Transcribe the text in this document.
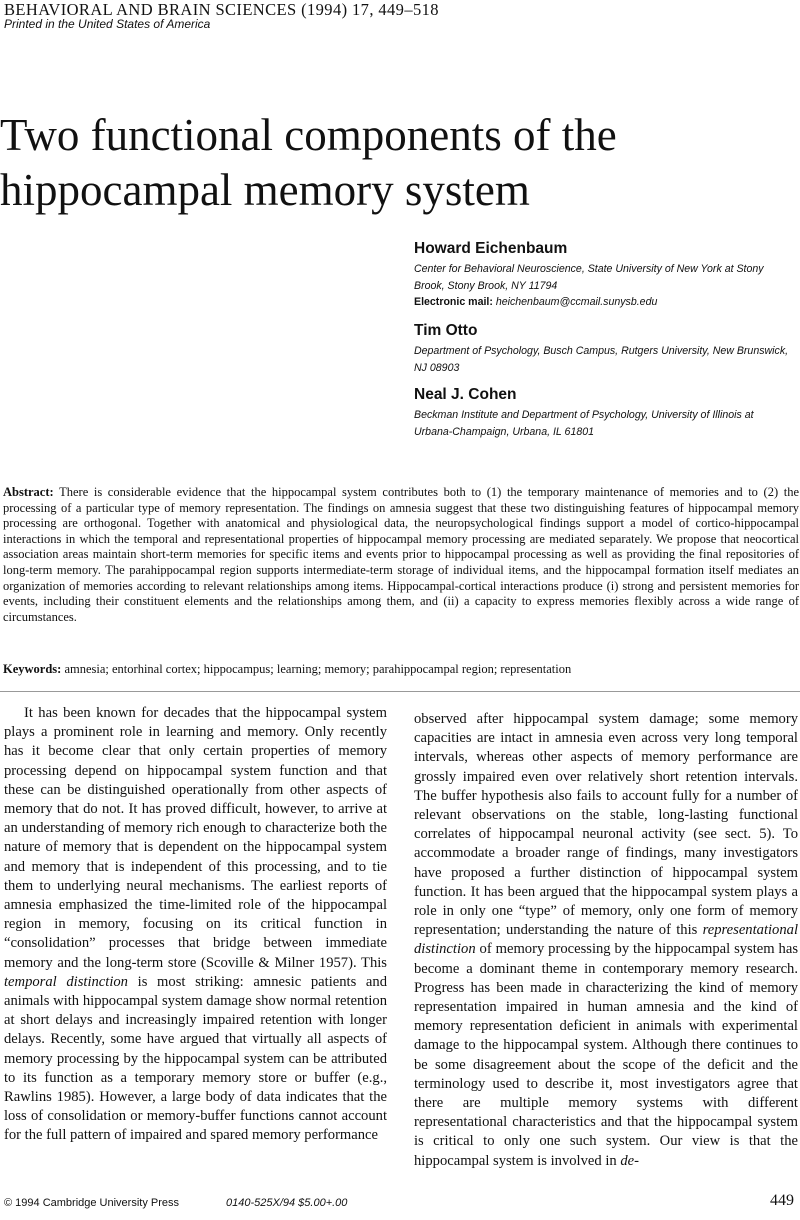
BEHAVIORAL AND BRAIN SCIENCES (1994) 17, 449–518
Printed in the United States of America
Two functional components of the hippocampal memory system
Howard Eichenbaum
Center for Behavioral Neuroscience, State University of New York at Stony Brook, Stony Brook, NY 11794
Electronic mail: heichenbaum@ccmail.sunysb.edu
Tim Otto
Department of Psychology, Busch Campus, Rutgers University, New Brunswick, NJ 08903
Neal J. Cohen
Beckman Institute and Department of Psychology, University of Illinois at Urbana-Champaign, Urbana, IL 61801

Abstract: There is considerable evidence that the hippocampal system contributes both to (1) the temporary maintenance of memories and to (2) the processing of a particular type of memory representation. The findings on amnesia suggest that these two distinguishing features of hippocampal memory processing are orthogonal. Together with anatomical and physiological data, the neuropsychological findings support a model of cortico-hippocampal interactions in which the temporal and representational properties of hippocampal memory processing are mediated separately. We propose that neocortical association areas maintain short-term memories for specific items and events prior to hippocampal processing as well as providing the final repositories of long-term memory. The parahippocampal region supports intermediate-term storage of individual items, and the hippocampal formation itself mediates an organization of memories according to relevant relationships among items. Hippocampal-cortical interactions produce (i) strong and persistent memories for events, including their constituent elements and the relationships among them, and (ii) a capacity to express memories flexibly across a wide range of circumstances.

Keywords: amnesia; entorhinal cortex; hippocampus; learning; memory; parahippocampal region; representation

It has been known for decades that the hippocampal system plays a prominent role in learning and memory. Only recently has it become clear that only certain properties of memory processing depend on hippocampal system function and that these can be distinguished operationally from other aspects of memory that do not. It has proved difficult, however, to arrive at an understanding of memory rich enough to characterize both the nature of memory that is dependent on the hippocampal system and memory that is independent of this processing, and to tie them to underlying neural mechanisms. The earliest reports of amnesia emphasized the time-limited role of the hippocampal region in memory, focusing on its critical function in “consolidation” processes that bridge between immediate memory and the long-term store (Scoville & Milner 1957). This temporal distinction is most striking: amnesic patients and animals with hippocampal system damage show normal retention at short delays and increasingly impaired retention with longer delays. Recently, some have argued that virtually all aspects of memory processing by the hippocampal system can be attributed to its function as a temporary memory store or buffer (e.g., Rawlins 1985). However, a large body of data indicates that the loss of consolidation or memory-buffer functions cannot account for the full pattern of impaired and spared memory performance

observed after hippocampal system damage; some memory capacities are intact in amnesia even across very long temporal intervals, whereas other aspects of memory performance are grossly impaired even over relatively short retention intervals. The buffer hypothesis also fails to account fully for a number of relevant observations on the stable, long-lasting functional correlates of hippocampal neuronal activity (see sect. 5). To accommodate a broader range of findings, many investigators have proposed a further distinction of hippocampal system function. It has been argued that the hippocampal system plays a role in only one “type” of memory, only one form of memory representation; understanding the nature of this representational distinction of memory processing by the hippocampal system has become a dominant theme in contemporary memory research. Progress has been made in characterizing the kind of memory representation impaired in human amnesia and the kind of memory representation deficient in animals with experimental damage to the hippocampal system. Although there continues to be some disagreement about the scope of the deficit and the terminology used to describe it, most investigators agree that there are multiple memory systems with different representational characteristics and that the hippocampal system is critical to only one such system. Our view is that the hippocampal system is involved in de-

© 1994 Cambridge University Press	0140-525X/94 $5.00+.00	449
